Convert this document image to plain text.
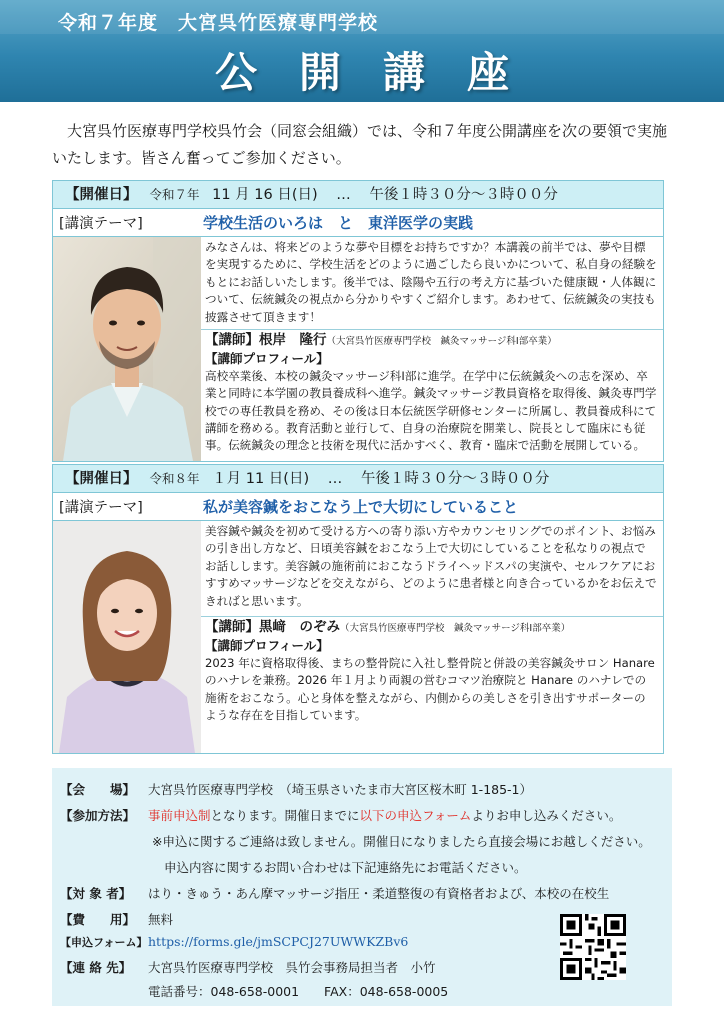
令和７年度　大宮呉竹医療専門学校
公開講座

大宮呉竹医療専門学校呉竹会（同窓会組織）では、令和７年度公開講座を次の要領で実施いたします。皆さん奮ってご参加ください。

【開催日】 令和７年 11 月 16 日(日) … 午後１時３０分～３時００分
[講演テーマ]	学校生活のいろは　と　東洋医学の実践
みなさんは、将来どのような夢や目標をお持ちですか？本講義の前半では、夢や目標を実現するために、学校生活をどのように過ごしたら良いかについて、私自身の経験をもとにお話しいたします。後半では、陰陽や五行の考え方に基づいた健康観・人体観について、伝統鍼灸の視点から分かりやすくご紹介します。あわせて、伝統鍼灸の実技も披露させて頂きます！
【講師】根岸　隆行（大宮呉竹医療専門学校　鍼灸マッサージ科Ⅰ部卒業）
【講師プロフィール】
高校卒業後、本校の鍼灸マッサージ科Ⅰ部に進学。在学中に伝統鍼灸への志を深め、卒業と同時に本学園の教員養成科へ進学。鍼灸マッサージ教員資格を取得後、鍼灸専門学校での専任教員を務め、その後は日本伝統医学研修センターに所属し、教員養成科にて講師を務める。教育活動と並行して、自身の治療院を開業し、院長として臨床にも従事。伝統鍼灸の理念と技術を現代に活かすべく、教育・臨床で活動を展開している。
【開催日】 令和８年 １月 11 日(日) … 午後１時３０分～３時００分
[講演テーマ]	私が美容鍼をおこなう上で大切にしていること
美容鍼や鍼灸を初めて受ける方への寄り添い方やカウンセリングでのポイント、お悩みの引き出し方など、日頃美容鍼をおこなう上で大切にしていることを私なりの視点でお話しします。美容鍼の施術前におこなうドライヘッドスパの実演や、セルフケアにおすすめマッサージなどを交えながら、どのように患者様と向き合っているかをお伝えできればと思います。
【講師】黒﨑　のぞみ（大宮呉竹医療専門学校　鍼灸マッサージ科Ⅰ部卒業）
【講師プロフィール】
2023 年に資格取得後、まちの整骨院に入社し整骨院と併設の美容鍼灸サロン Hanare のハナレを兼務。2026 年１月より両親の営むコマツ治療院と Hanare のハナレでの施術をおこなう。心と身体を整えながら、内側からの美しさを引き出すサポーターのような存在を目指しています。
【会　　場】	大宮呉竹医療専門学校　（埼玉県さいたま市大宮区桜木町 1-185-1）
【参加方法】	事前申込制となります。開催日までに以下の申込フォームよりお申し込みください。
※申込に関するご連絡は致しません。開催日になりましたら直接会場にお越しください。
申込内容に関するお問い合わせは下記連絡先にお電話ください。
【対 象 者】	はり・きゅう・あん摩マッサージ指圧・柔道整復の有資格者および、本校の在校生
【費　　用】	無料
【申込フォーム】 https://forms.gle/jmSCPCJ27UWWKZBv6
【連 絡 先】	大宮呉竹医療専門学校　呉竹会事務局担当者　小竹
電話番号：048-658-0001　　FAX：048-658-0005
